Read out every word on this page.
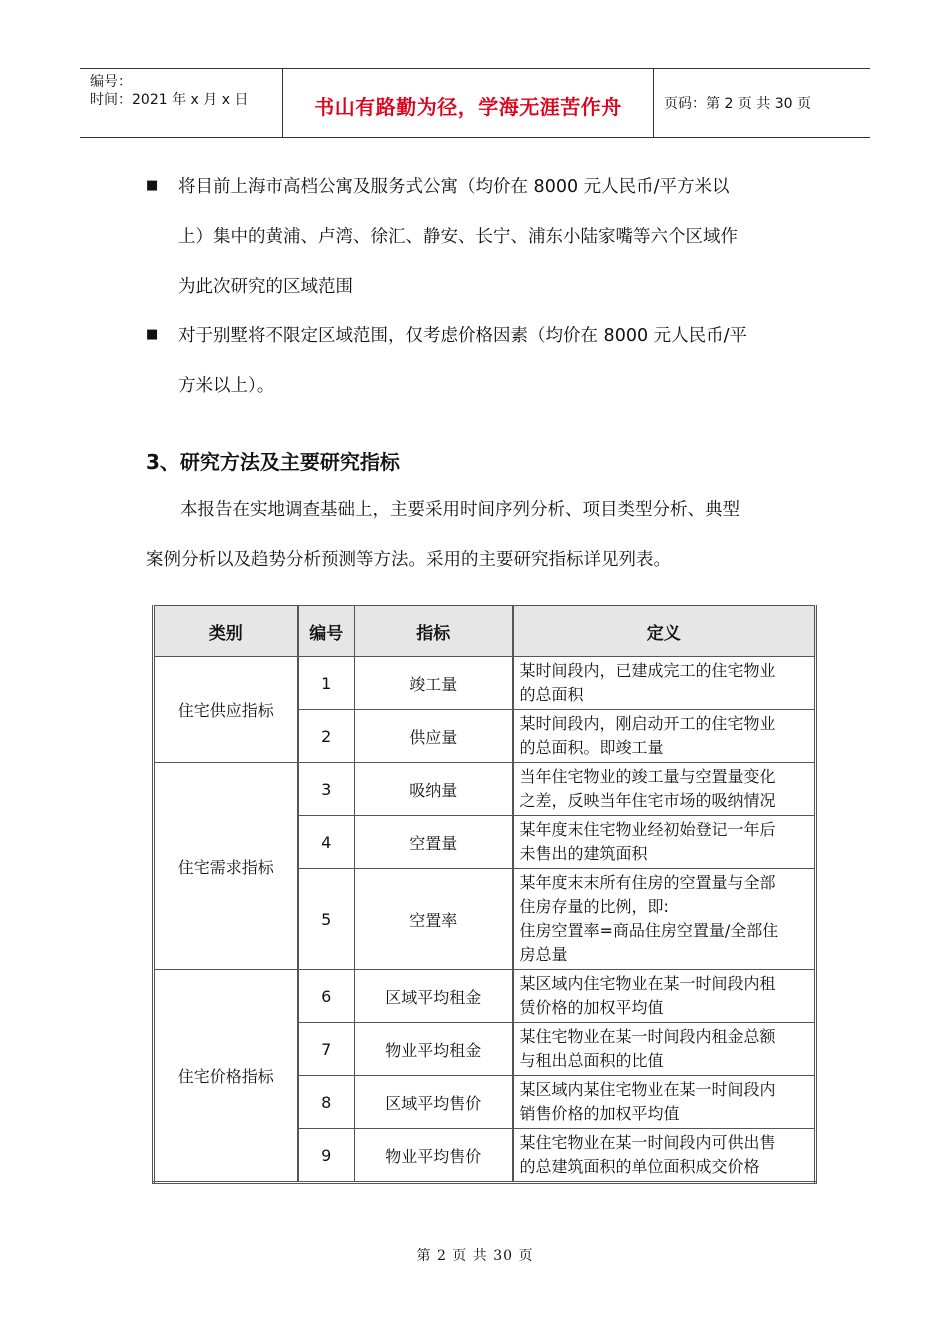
编号：
时间：2021 年 x 月 x 日	书山有路勤为径，学海无涯苦作舟	页码：第 2 页 共 30 页
■ 将目前上海市高档公寓及服务式公寓（均价在 8000 元人民币/平方米以
上）集中的黄浦、卢湾、徐汇、静安、长宁、浦东小陆家嘴等六个区域作
为此次研究的区域范围
■ 对于别墅将不限定区域范围，仅考虑价格因素（均价在 8000 元人民币/平
方米以上）。
3、研究方法及主要研究指标
本报告在实地调查基础上，主要采用时间序列分析、项目类型分析、典型
案例分析以及趋势分析预测等方法。采用的主要研究指标详见列表。
类别	编号	指标	定义
住宅供应指标	1	竣工量	某时间段内，已建成完工的住宅物业
的总面积
	2	供应量	某时间段内，刚启动开工的住宅物业
的总面积。即竣工量
住宅需求指标	3	吸纳量	当年住宅物业的竣工量与空置量变化
之差，反映当年住宅市场的吸纳情况
	4	空置量	某年度末住宅物业经初始登记一年后
未售出的建筑面积
	5	空置率	某年度末末所有住房的空置量与全部
住房存量的比例，即:
住房空置率=商品住房空置量/全部住
房总量
住宅价格指标	6	区域平均租金	某区域内住宅物业在某一时间段内租
赁价格的加权平均值
	7	物业平均租金	某住宅物业在某一时间段内租金总额
与租出总面积的比值
	8	区域平均售价	某区域内某住宅物业在某一时间段内
销售价格的加权平均值
	9	物业平均售价	某住宅物业在某一时间段内可供出售
的总建筑面积的单位面积成交价格
第 2 页 共 30 页
